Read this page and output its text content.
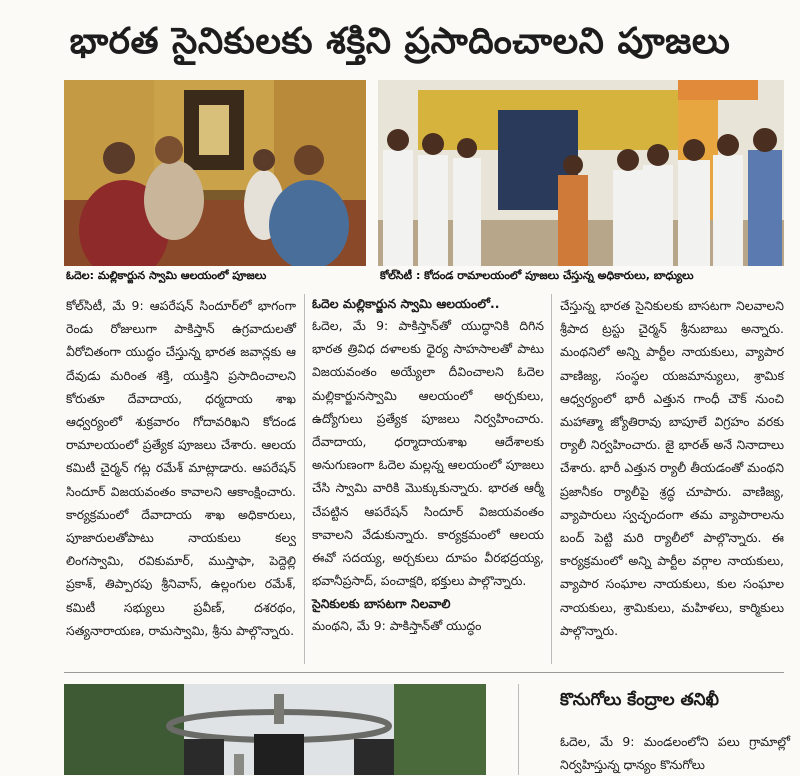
భారత సైనికులకు శక్తిని ప్రసాదించాలని పూజలు
ఓదెల: మల్లికార్జున స్వామి ఆలయంలో పూజలు	కోల్‌సిటీ : కోదండ రామాలయంలో పూజలు చేస్తున్న అధికారులు, బాధ్యులు

కోల్‌సిటీ, మే 9: ఆపరేషన్ సిందూర్‌లో భాగంగా రెండు రోజులుగా పాకిస్తాన్ ఉగ్రవాదులతో వీరోచితంగా యుద్ధం చేస్తున్న భారత జవాన్లకు ఆ దేవుడు మరింత శక్తి, యుక్తిని ప్రసాదించాలని కోరుతూ దేవాదాయ, ధర్మదాయ శాఖ ఆధ్వర్యంలో శుక్రవారం గోదావరిఖని కోదండ రామాలయంలో ప్రత్యేక పూజలు చేశారు. ఆలయ కమిటీ చైర్మన్ గట్ల రమేశ్ మాట్లాడారు. ఆపరేషన్ సిందూర్ విజయవంతం కావాలని ఆకాంక్షించారు. కార్యక్రమంలో దేవాదాయ శాఖ అధికారులు, పూజారులతోపాటు నాయకులు కల్వ లింగస్వామి, రవికుమార్, ముస్తాఫా, పెద్దెల్లి ప్రకాశ్, తిప్పారపు శ్రీనివాస్, ఉల్లంగుల రమేశ్, కమిటీ సభ్యులు ప్రవీణ్, దశరథం, సత్యనారాయణ, రామస్వామి, శ్రీను పాల్గొన్నారు.

ఓదెల మల్లికార్జున స్వామి ఆలయంలో..

ఓదెల, మే 9: పాకిస్తాన్‌తో యుద్ధానికి దిగిన భారత త్రివిధ దళాలకు ధైర్య సాహసాలతో పాటు విజయవంతం అయ్యేలా దీవించాలని ఓదెల మల్లికార్జునస్వామి ఆలయంలో అర్చకులు, ఉద్యోగులు ప్రత్యేక పూజలు నిర్వహించారు. దేవాదాయ, ధర్మాదాయశాఖ ఆదేశాలకు అనుగుణంగా ఓదెల మల్లన్న ఆలయంలో పూజలు చేసి స్వామి వారికి మొక్కుకున్నారు. భారత ఆర్మీ చేపట్టిన ఆపరేషన్ సిందూర్ విజయవంతం కావాలని వేడుకున్నారు. కార్యక్రమంలో ఆలయ ఈవో సదయ్య, అర్చకులు దూపం వీరభద్రయ్య, భవానీప్రసాద్, పంచాక్షరి, భక్తులు పాల్గొన్నారు.

సైనికులకు బాసటగా నిలవాలి

మంథని, మే 9: పాకిస్తాన్‌తో యుద్ధం

చేస్తున్న భారత సైనికులకు బాసటగా నిలవాలని శ్రీపాద ట్రస్టు చైర్మన్ శ్రీనుబాబు అన్నారు. మంథనిలో అన్ని పార్టీల నాయకులు, వ్యాపార వాణిజ్య, సంస్థల యజమాన్యులు, శ్రామిక ఆధ్వర్యంలో భారీ ఎత్తున గాంధీ చౌక్ నుంచి మహాత్మా జ్యోతిరావు బాపూలే విగ్రహం వరకు ర్యాలీ నిర్వహించారు. జై భారత్ అనే నినాదాలు చేశారు. భారీ ఎత్తున ర్యాలీ తీయడంతో మంథని ప్రజానీకం ర్యాలీపై శ్రద్ధ చూపారు. వాణిజ్య, వ్యాపారులు స్వచ్ఛందంగా తమ వ్యాపారాలను బంద్ పెట్టి మరి ర్యాలీలో పాల్గొన్నారు. ఈ కార్యక్రమంలో అన్ని పార్టీల వర్గాల నాయకులు, వ్యాపార సంఘాల నాయకులు, కుల సంఘాల నాయకులు, శ్రామికులు, మహిళలు, కార్మికులు పాల్గొన్నారు.

కొనుగోలు కేంద్రాల తనిఖీ
ఓదెల, మే 9: మండలంలోని పలు గ్రామాల్లో నిర్వహిస్తున్న ధాన్యం కొనుగోలు
